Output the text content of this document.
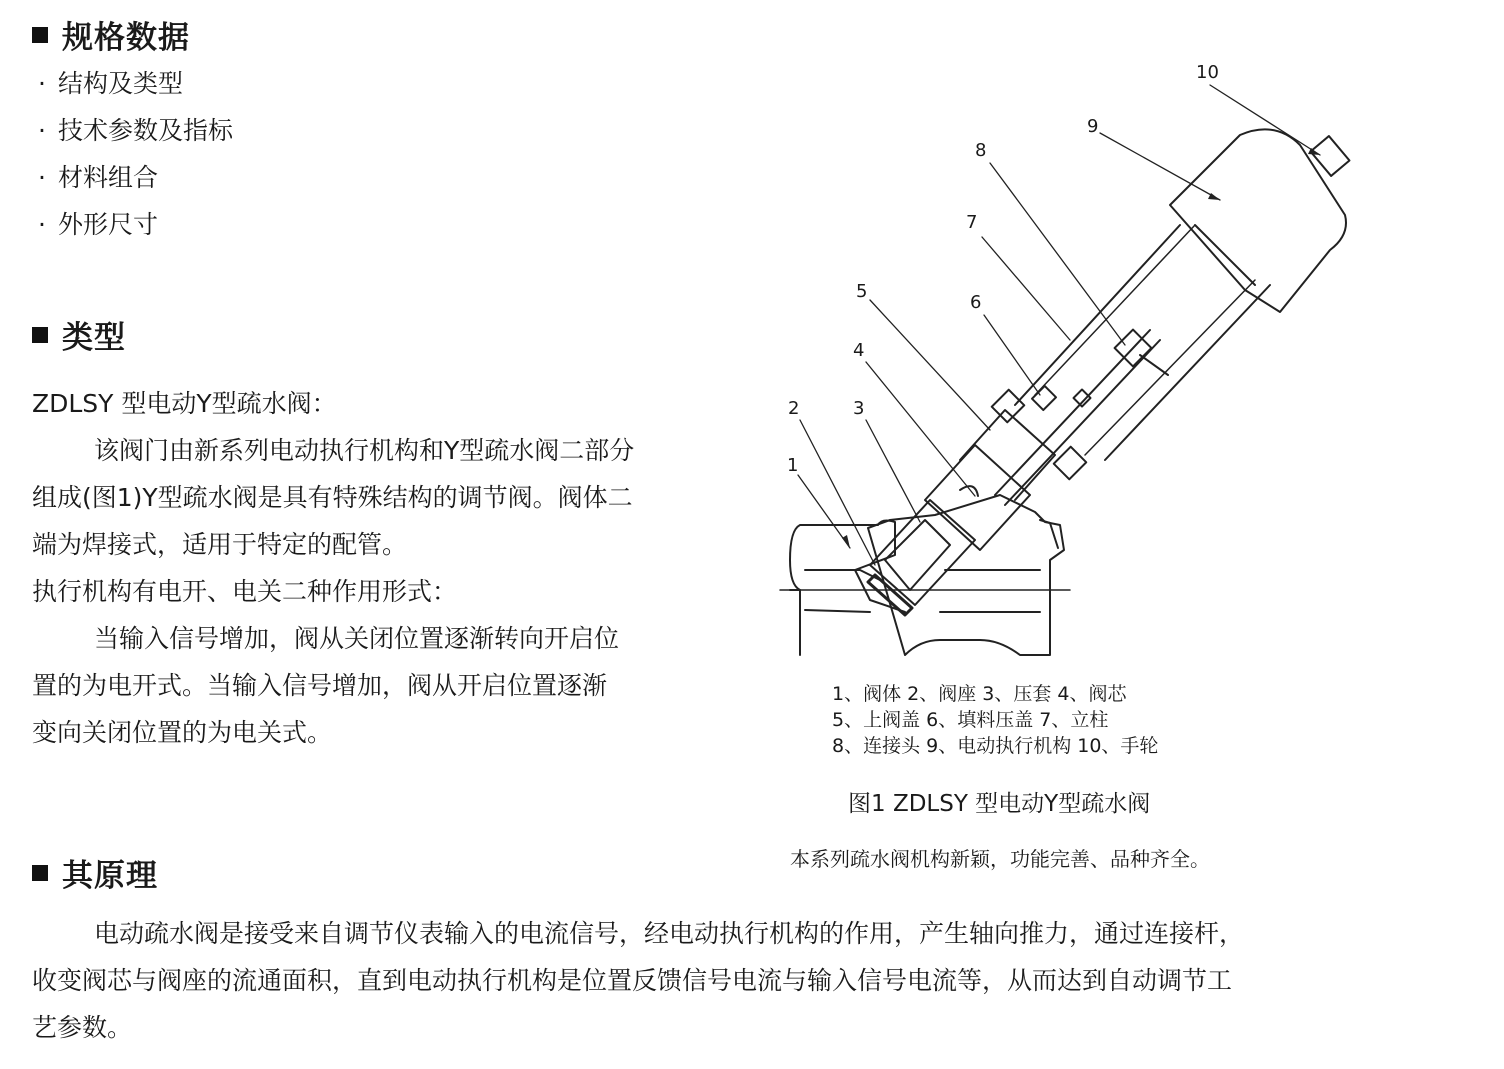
规格数据
· 结构及类型
· 技术参数及指标
· 材料组合
· 外形尺寸
类型
ZDLSY 型电动Y型疏水阀：
该阀门由新系列电动执行机构和Y型疏水阀二部分
组成(图1)Y型疏水阀是具有特殊结构的调节阀。阀体二
端为焊接式，适用于特定的配管。
执行机构有电开、电关二种作用形式：
当输入信号增加，阀从关闭位置逐渐转向开启位
置的为电开式。当输入信号增加，阀从开启位置逐渐
变向关闭位置的为电关式。
1
2	3
4
5
6
7
8
9
10
1、阀体 2、阀座 3、压套 4、阀芯
5、上阀盖 6、填料压盖 7、立柱
8、连接头 9、电动执行机构 10、手轮
图1 ZDLSY 型电动Y型疏水阀
本系列疏水阀机构新颖，功能完善、品种齐全。
其原理
电动疏水阀是接受来自调节仪表输入的电流信号，经电动执行机构的作用，产生轴向推力，通过连接杆，
收变阀芯与阀座的流通面积，直到电动执行机构是位置反馈信号电流与输入信号电流等，从而达到自动调节工
艺参数。
